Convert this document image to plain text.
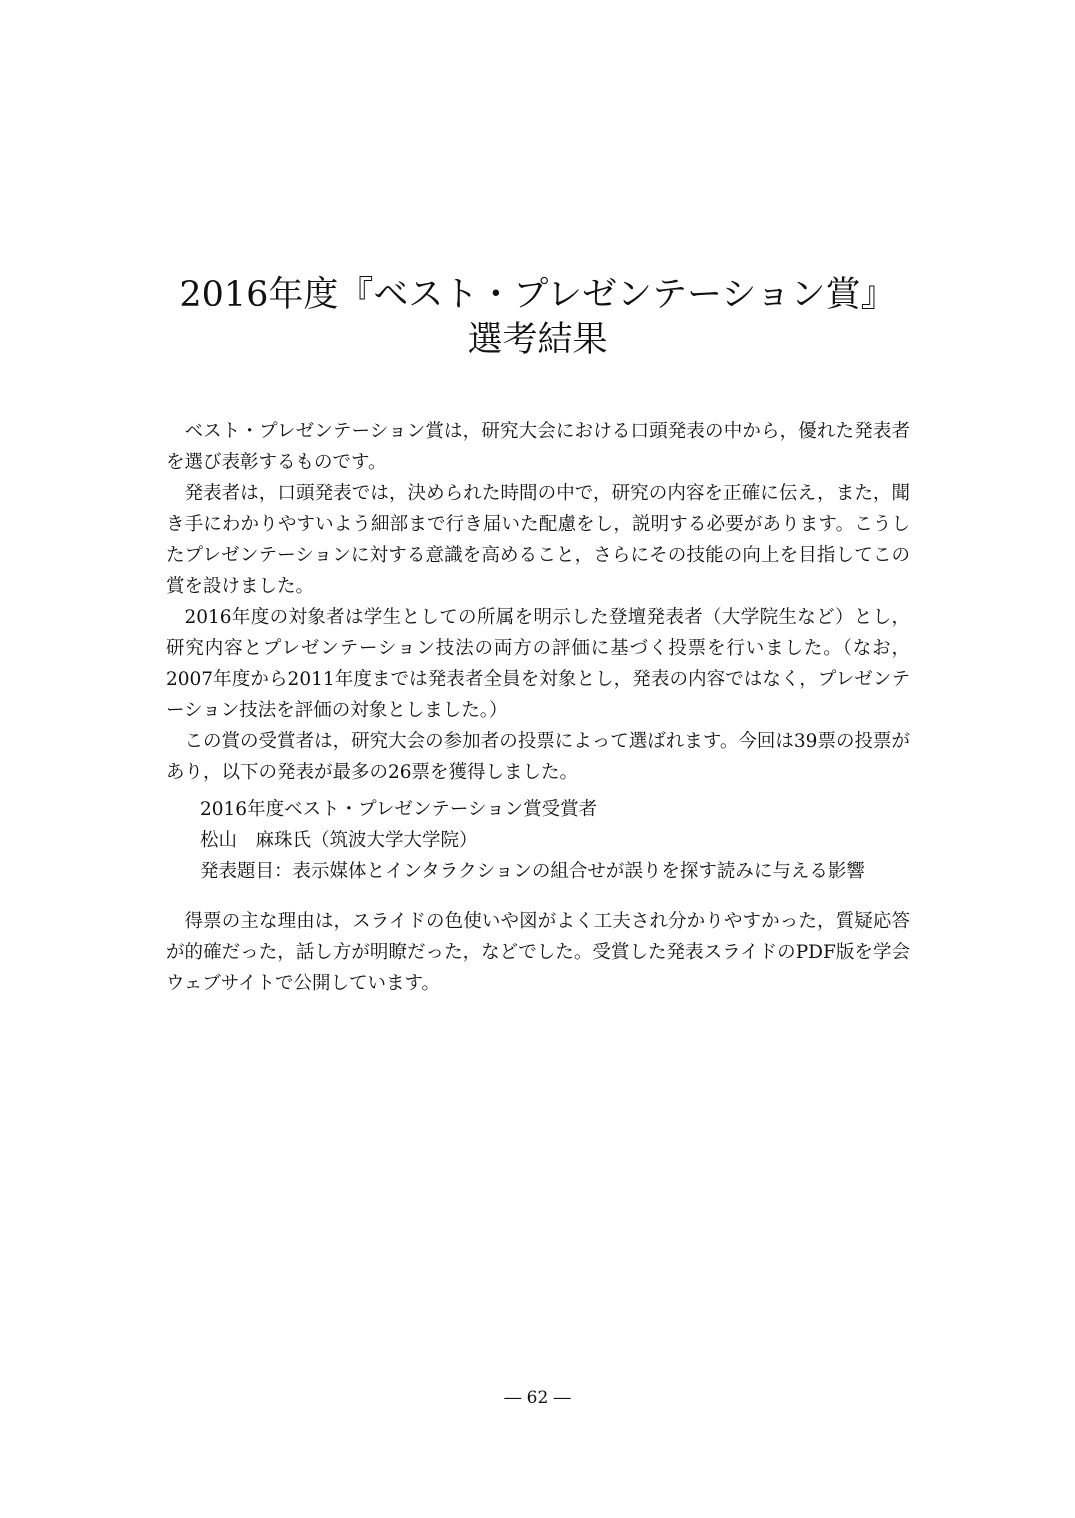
2016年度『ベスト・プレゼンテーション賞』
選考結果

ベスト・プレゼンテーション賞は，研究大会における口頭発表の中から，優れた発表者を選び表彰するものです。

発表者は，口頭発表では，決められた時間の中で，研究の内容を正確に伝え，また，聞き手にわかりやすいよう細部まで行き届いた配慮をし，説明する必要があります。こうしたプレゼンテーションに対する意識を高めること，さらにその技能の向上を目指してこの賞を設けました。

2016年度の対象者は学生としての所属を明示した登壇発表者（大学院生など）とし，研究内容とプレゼンテーション技法の両方の評価に基づく投票を行いました。（なお，2007年度から2011年度までは発表者全員を対象とし，発表の内容ではなく，プレゼンテーション技法を評価の対象としました。）

この賞の受賞者は，研究大会の参加者の投票によって選ばれます。今回は39票の投票があり，以下の発表が最多の26票を獲得しました。

2016年度ベスト・プレゼンテーション賞受賞者
松山　麻珠氏（筑波大学大学院）
発表題目：表示媒体とインタラクションの組合せが誤りを探す読みに与える影響

得票の主な理由は，スライドの色使いや図がよく工夫され分かりやすかった，質疑応答が的確だった，話し方が明瞭だった，などでした。受賞した発表スライドのPDF版を学会ウェブサイトで公開しています。

― 62 ―
